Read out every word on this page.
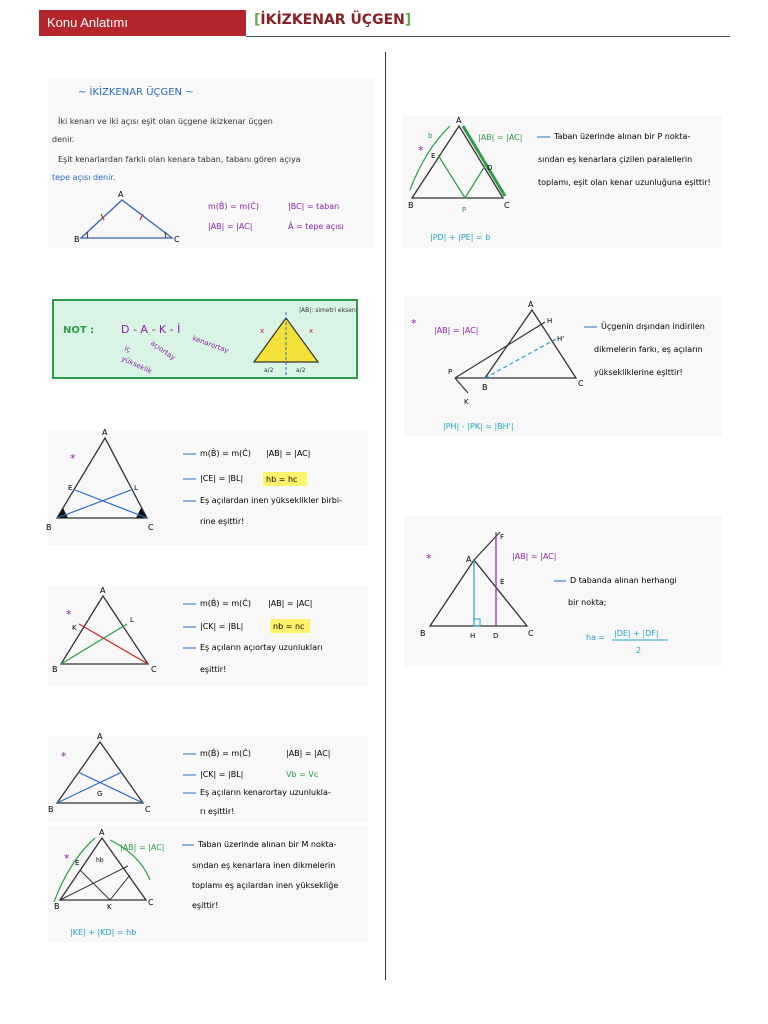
Konu Anlatımı	[İKİZKENAR ÜÇGEN]
~ İKİZKENAR ÜÇGEN ~
İki kenarı ve iki açısı eşit olan üçgene ikizkenar üçgen
denir.
Eşit kenarlardan farklı olan kenara taban, tabanı gören açıya
tepe açısı denir.
A
B	C
m(B̂) = m(Ĉ)	|BC| = taban
|AB| = |AC|	Â = tepe açısı
NOT : D - A - K - İ
iç açıortay kenarortay
yükseklik
x	x
|AB|: simetri ekseni
a/2	a/2
*
A
B	C
E	L
m(B̂) = m(Ĉ) |AB| = |AC|
|CE| = |BL|	hb = hc
Eş açılardan inen yükseklikler birbi-
rine eşittir!
*
A
B	C
K
L
m(B̂) = m(Ĉ) |AB| = |AC|
|CK| = |BL|	nb = nc
Eş açıların açıortay uzunlukları
eşittir!
*
A
B	C
G
m(B̂) = m(Ĉ)	|AB| = |AC|
|CK| = |BL|	Vb = Vc
Eş açıların kenarortay uzunlukla-
rı eşittir!
*
A
B	C
K
E	hb
|AB| = |AC|	Taban üzerinde alınan bir M nokta-
sından eş kenarlara inen dikmelerin
toplamı eş açılardan inen yüksekliğe
eşittir!
|KE| + |KD| = hb
*
A
B	C
P
E
D
b	|AB| = |AC|	Taban üzerinde alınan bir P nokta-
sından eş kenarlara çizilen paralellerin
toplamı, eşit olan kenar uzunluğuna eşittir!
|PD| + |PE| = b
*
A
P
B	C
K
H
H'
|AB| = |AC|	Üçgenin dışından indirilen
dikmelerin farkı, eş açıların
yüksekliklerine eşittir!
|PH| - |PK| = |BH'|
*	A
B	C
H	D
E
F
|AB| = |AC|
D tabanda alınan herhangi
bir nokta;
ha = |DE| + |DF|
2
